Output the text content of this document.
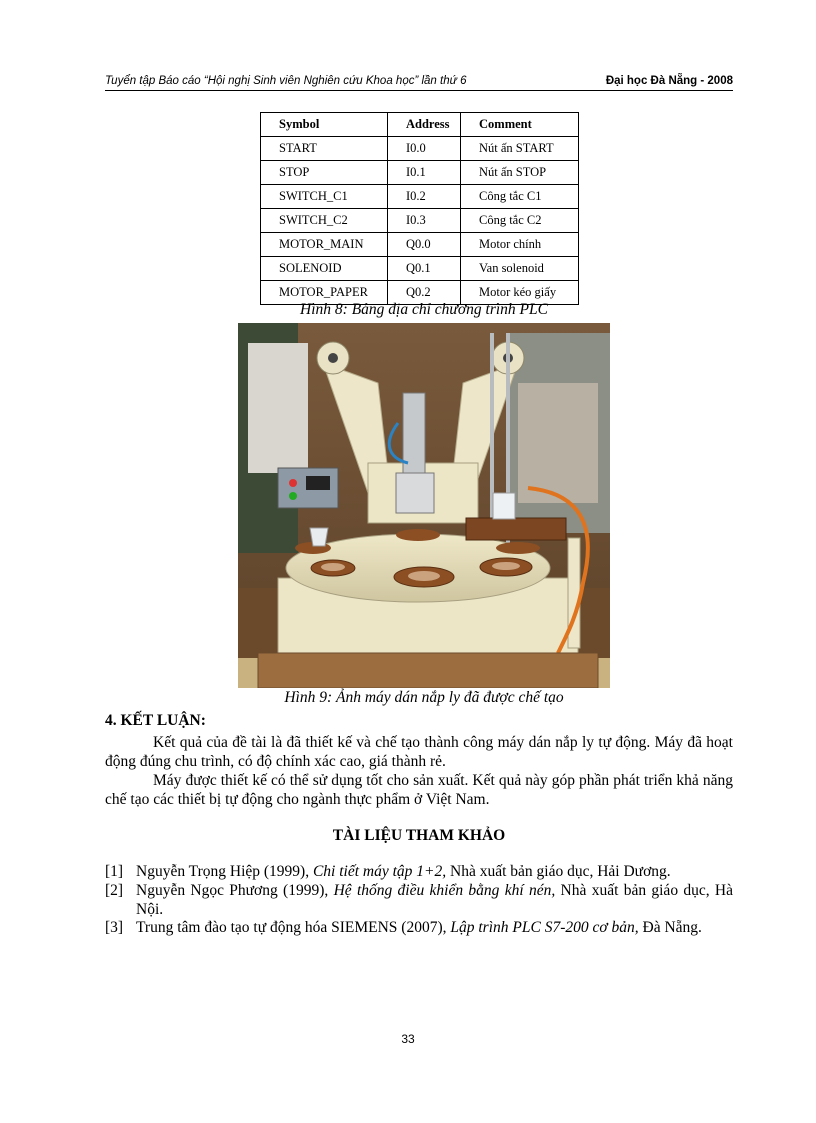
Tuyển tập Báo cáo “Hội nghị Sinh viên Nghiên cứu Khoa học” lần thứ 6	Đại học Đà Nẵng - 2008
Symbol	Address	Comment
START	I0.0	Nút ấn START
STOP	I0.1	Nút ấn STOP
SWITCH_C1	I0.2	Công tắc C1
SWITCH_C2	I0.3	Công tắc C2
MOTOR_MAIN	Q0.0	Motor chính
SOLENOID	Q0.1	Van solenoid
MOTOR_PAPER	Q0.2	Motor kéo giấy
Hình 8: Bảng địa chỉ chương trình PLC
Hình 9: Ảnh máy dán nắp ly đã được chế tạo
4. KẾT LUẬN:
Kết quả của đề tài là đã thiết kế và chế tạo thành công máy dán nắp ly tự động. Máy đã hoạt động đúng chu trình, có độ chính xác cao, giá thành rẻ.
Máy được thiết kế có thể sử dụng tốt cho sản xuất. Kết quả này góp phần phát triển khả năng chế tạo các thiết bị tự động cho ngành thực phẩm ở Việt Nam.
TÀI LIỆU THAM KHẢO
[1] Nguyễn Trọng Hiệp (1999), Chi tiết máy tập 1+2, Nhà xuất bản giáo dục, Hải Dương.
[2] Nguyễn Ngọc Phương (1999), Hệ thống điều khiển bằng khí nén, Nhà xuất bản giáo dục, Hà Nội.
[3] Trung tâm đào tạo tự động hóa SIEMENS (2007), Lập trình PLC S7-200 cơ bản, Đà Nẵng.
33
